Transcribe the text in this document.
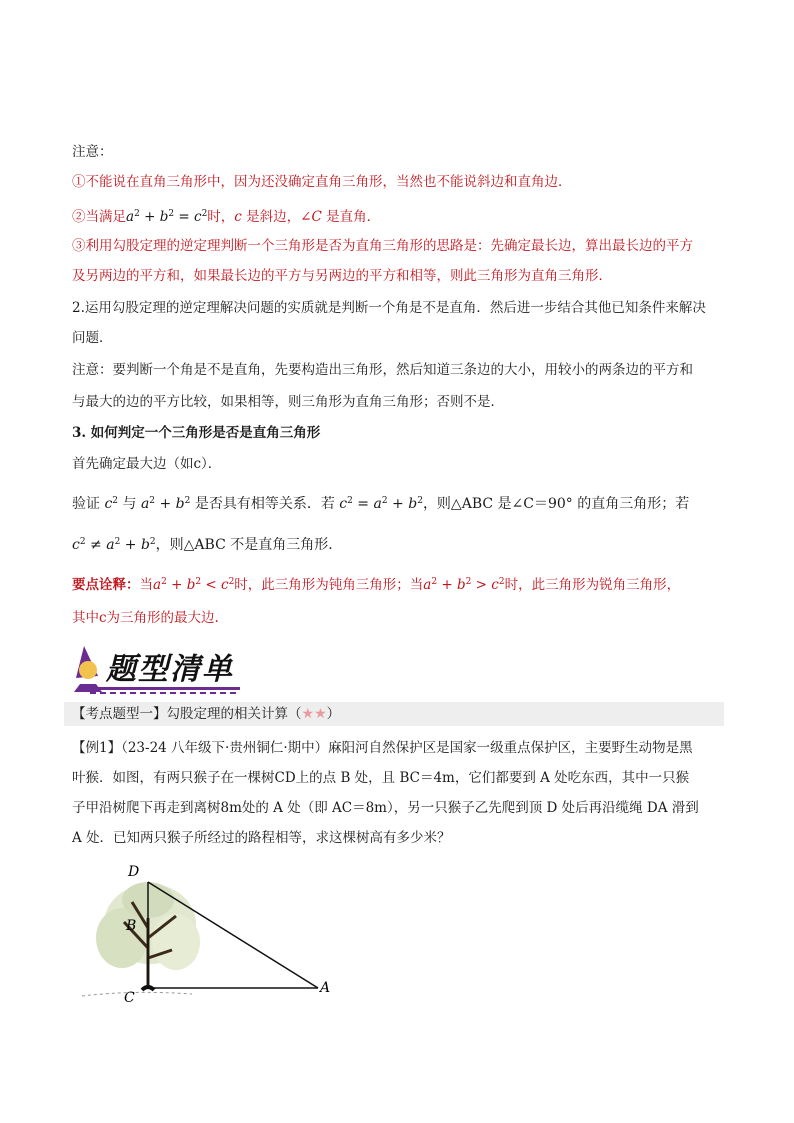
注意：
①不能说在直角三角形中，因为还没确定直角三角形，当然也不能说斜边和直角边．
②当满足$a^2 + b^2 = c^2$时，c 是斜边，∠C 是直角．
③利用勾股定理的逆定理判断一个三角形是否为直角三角形的思路是：先确定最长边，算出最长边的平方
及另两边的平方和，如果最长边的平方与另两边的平方和相等，则此三角形为直角三角形．
2.运用勾股定理的逆定理解决问题的实质就是判断一个角是不是直角．然后进一步结合其他已知条件来解决
问题．
注意：要判断一个角是不是直角，先要构造出三角形，然后知道三条边的大小，用较小的两条边的平方和
与最大的边的平方比较，如果相等，则三角形为直角三角形；否则不是．
3. 如何判定一个三角形是否是直角三角形
首先确定最大边（如c）．
验证 $c^2$ 与 $a^2 + b^2$ 是否具有相等关系．若 $c^2 = a^2 + b^2$，则△ABC 是∠C＝90° 的直角三角形；若
$c^2 \ne a^2 + b^2$，则△ABC 不是直角三角形.
要点诠释：当$a^2 + b^2 < c^2$时，此三角形为钝角三角形；当$a^2 + b^2 > c^2$时，此三角形为锐角三角形，
其中c为三角形的最大边.
题型清单
【考点题型一】勾股定理的相关计算（★★）
【例1】（23-24 八年级下·贵州铜仁·期中）麻阳河自然保护区是国家一级重点保护区，主要野生动物是黑
叶猴．如图，有两只猴子在一棵树CD上的点 B 处，且 BC＝4m，它们都要到 A 处吃东西，其中一只猴
子甲沿树爬下再走到离树8m处的 A 处（即 AC＝8m），另一只猴子乙先爬到顶 D 处后再沿缆绳 DA 滑到
A 处．已知两只猴子所经过的路程相等，求这棵树高有多少米？
D
B
C
A
